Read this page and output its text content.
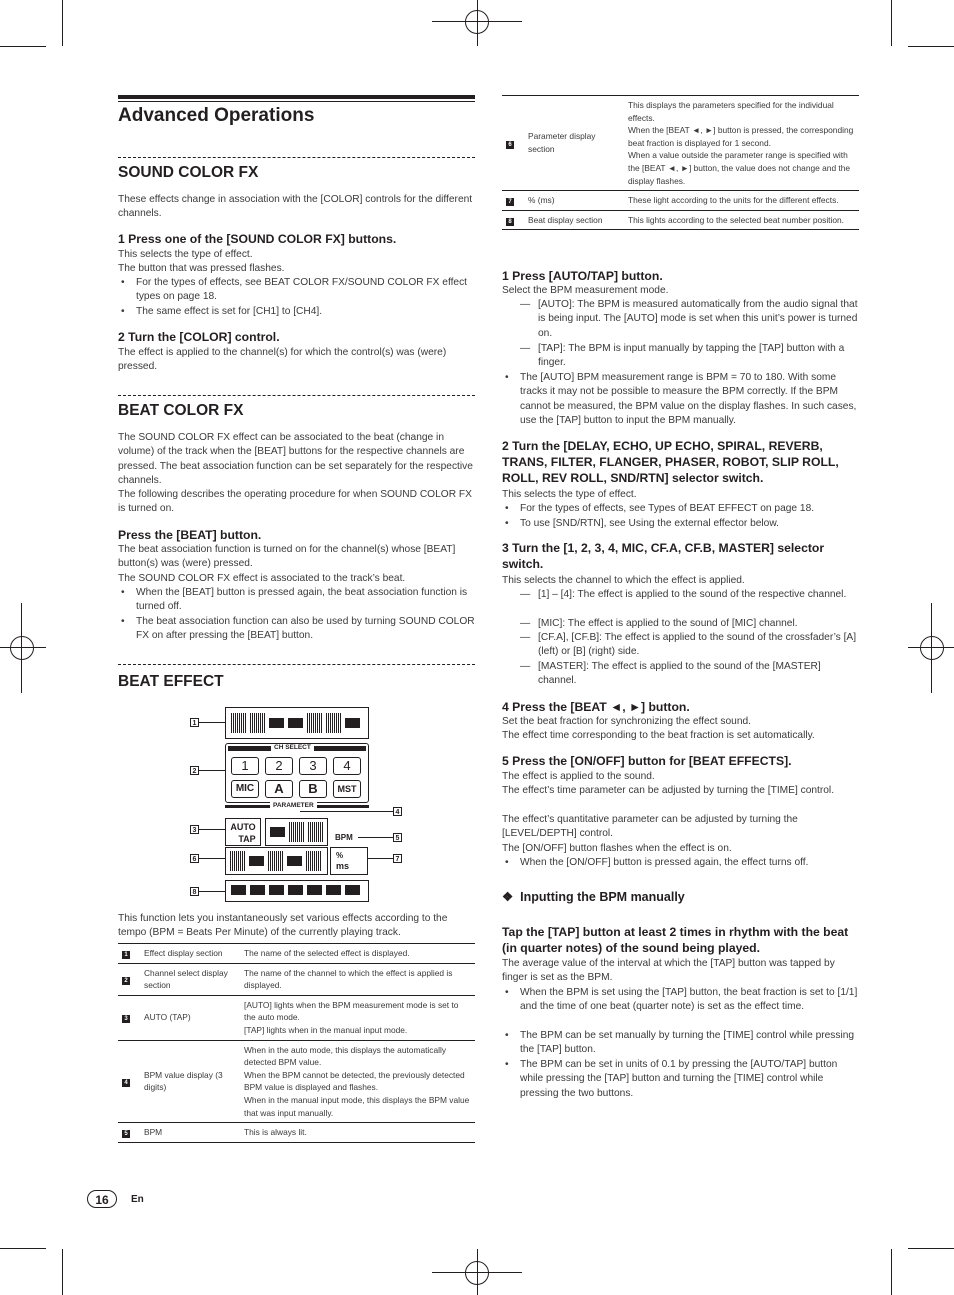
Advanced Operations
SOUND COLOR FX

These effects change in association with the [COLOR] controls for the different channels.

1 Press one of the [SOUND COLOR FX] buttons.

This selects the type of effect.

The button that was pressed flashes.

• For the types of effects, see BEAT COLOR FX/SOUND COLOR FX effect types on page 18.

• The same effect is set for [CH1] to [CH4].

2 Turn the [COLOR] control.

The effect is applied to the channel(s) for which the control(s) was (were) pressed.

BEAT COLOR FX

The SOUND COLOR FX effect can be associated to the beat (change in volume) of the track when the [BEAT] buttons for the respective channels are pressed. The beat association function can be set separately for the respective channels.

The following describes the operating procedure for when SOUND COLOR FX is turned on.

Press the [BEAT] button.

The beat association function is turned on for the channel(s) whose [BEAT] button(s) was (were) pressed.

The SOUND COLOR FX effect is associated to the track’s beat.

• When the [BEAT] button is pressed again, the beat association function is turned off.

• The beat association function can also be used by turning SOUND COLOR FX on after pressing the [BEAT] button.

BEAT EFFECT
CH SELECT
1	2	3	4
MIC	A	B	MST
PARAMETER
AUTO
TAP	BPM
%
ms
1
2
3
4
5
6	7
8

This function lets you instantaneously set various effects according to the tempo (BPM = Beats Per Minute) of the currently playing track.

1	Effect display section	The name of the selected effect is displayed.
2	Channel select display section	The name of the channel to which the effect is applied is displayed.
3	AUTO (TAP)	[AUTO] lights when the BPM measurement mode is set to the auto mode.
[TAP] lights when in the manual input mode.
4	BPM value display (3 digits)	When in the auto mode, this displays the automatically detected BPM value.
When the BPM cannot be detected, the previously detected BPM value is displayed and flashes.
When in the manual input mode, this displays the BPM value that was input manually.
5	BPM	This is always lit.
6	Parameter display section	This displays the parameters specified for the individual effects.
When the [BEAT ◄, ►] button is pressed, the corresponding beat fraction is displayed for 1 second.
When a value outside the parameter range is specified with the [BEAT ◄, ►] button, the value does not change and the display flashes.
7	% (ms)	These light according to the units for the different effects.
8	Beat display section	This lights according to the selected beat number position.

1 Press [AUTO/TAP] button.

Select the BPM measurement mode.

— [AUTO]: The BPM is measured automatically from the audio signal that is being input. The [AUTO] mode is set when this unit’s power is turned on.

— [TAP]: The BPM is input manually by tapping the [TAP] button with a finger.

• The [AUTO] BPM measurement range is BPM = 70 to 180. With some tracks it may not be possible to measure the BPM correctly. If the BPM cannot be measured, the BPM value on the display flashes. In such cases, use the [TAP] button to input the BPM manually.

2 Turn the [DELAY, ECHO, UP ECHO, SPIRAL, REVERB, TRANS, FILTER, FLANGER, PHASER, ROBOT, SLIP ROLL, ROLL, REV ROLL, SND/RTN] selector switch.

This selects the type of effect.

• For the types of effects, see Types of BEAT EFFECT on page 18.

• To use [SND/RTN], see Using the external effector below.

3 Turn the [1, 2, 3, 4, MIC, CF.A, CF.B, MASTER] selector switch.

This selects the channel to which the effect is applied.

— [1] – [4]: The effect is applied to the sound of the respective channel.

— [MIC]: The effect is applied to the sound of [MIC] channel.

— [CF.A], [CF.B]: The effect is applied to the sound of the crossfader’s [A] (left) or [B] (right) side.

— [MASTER]: The effect is applied to the sound of the [MASTER] channel.

4 Press the [BEAT ◄, ►] button.

Set the beat fraction for synchronizing the effect sound.

The effect time corresponding to the beat fraction is set automatically.

5 Press the [ON/OFF] button for [BEAT EFFECTS].

The effect is applied to the sound.

The effect’s time parameter can be adjusted by turning the [TIME] control.

The effect’s quantitative parameter can be adjusted by turning the [LEVEL/DEPTH] control.

The [ON/OFF] button flashes when the effect is on.

• When the [ON/OFF] button is pressed again, the effect turns off.

❖ Inputting the BPM manually

Tap the [TAP] button at least 2 times in rhythm with the beat (in quarter notes) of the sound being played.

The average value of the interval at which the [TAP] button was tapped by finger is set as the BPM.

• When the BPM is set using the [TAP] button, the beat fraction is set to [1/1] and the time of one beat (quarter note) is set as the effect time.

• The BPM can be set manually by turning the [TIME] control while pressing the [TAP] button.

• The BPM can be set in units of 0.1 by pressing the [AUTO/TAP] button while pressing the [TAP] button and turning the [TIME] control while pressing the two buttons.

16	En
